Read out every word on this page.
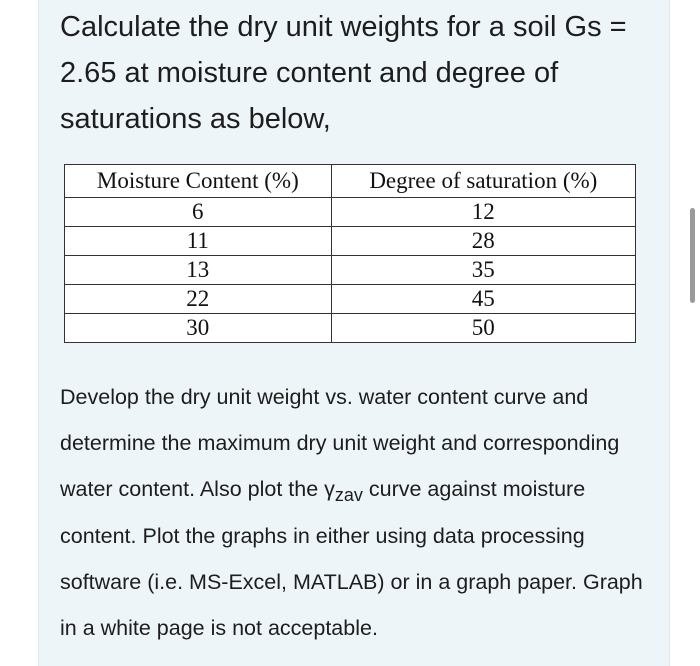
Calculate the dry unit weights for a soil Gs = 2.65 at moisture content and degree of saturations as below,

Moisture Content (%)	Degree of saturation (%)
6	12
11	28
13	35
22	45
30	50

Develop the dry unit weight vs. water content curve and determine the maximum dry unit weight and corresponding water content. Also plot the $\gamma_{zav}$ curve against moisture content. Plot the graphs in either using data processing software (i.e. MS-Excel, MATLAB) or in a graph paper. Graph in a white page is not acceptable.
